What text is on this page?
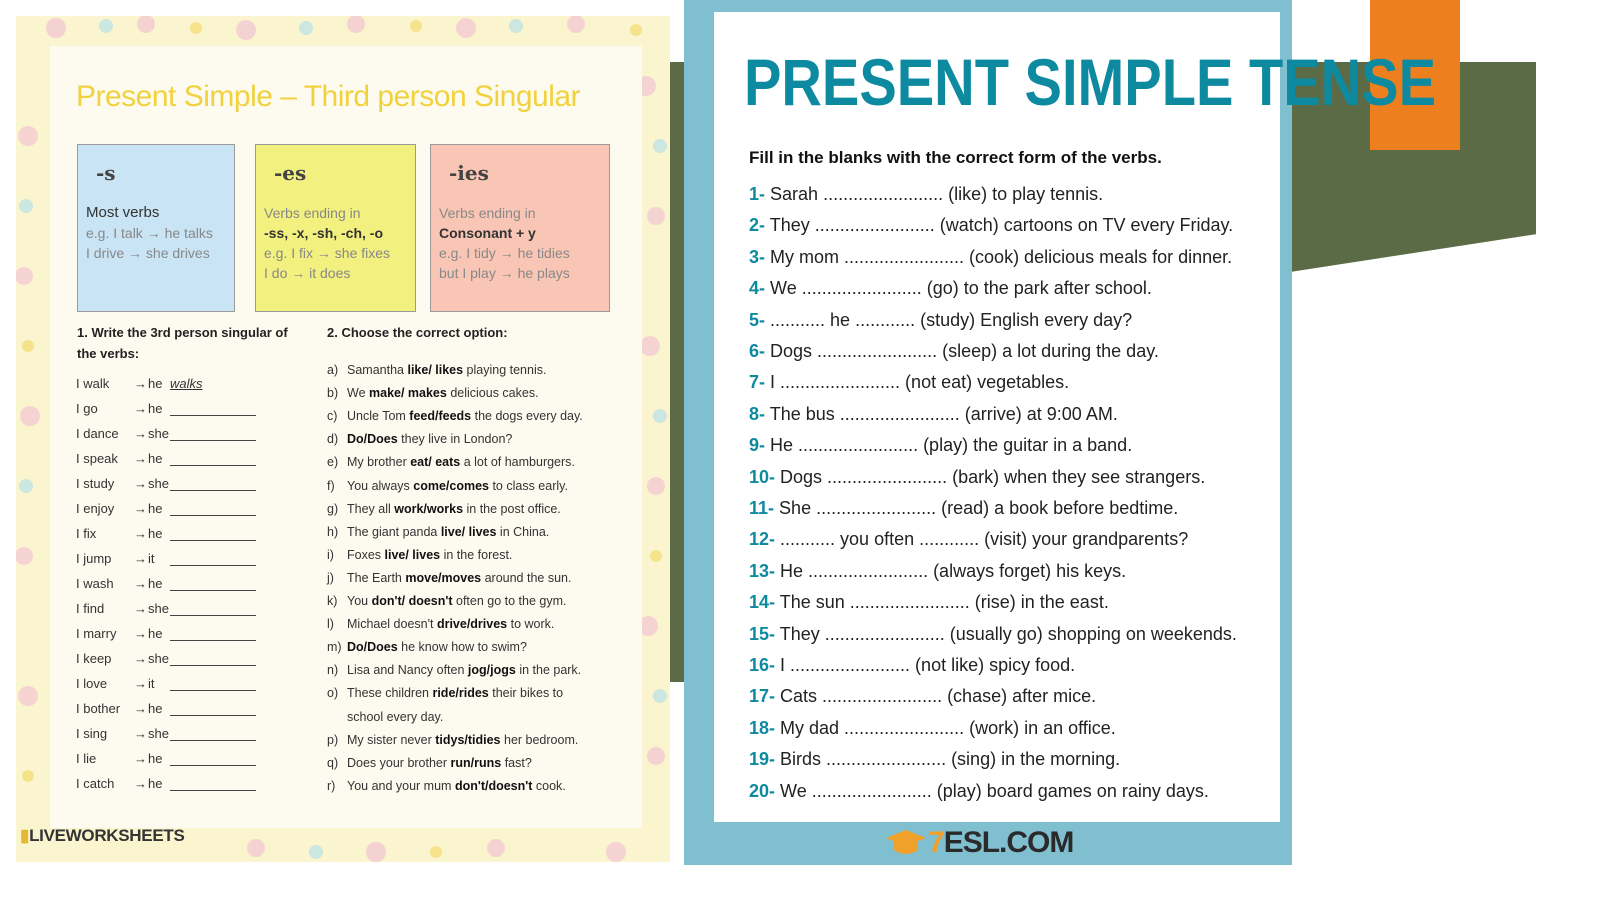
Present Simple – Third person Singular
-s
Most verbs
e.g. I talk → he talks
I drive → she drives
-es
Verbs ending in
-ss, -x, -sh, -ch, -o
e.g. I fix → she fixes
I do → it does
-ies
Verbs ending in
Consonant + y
e.g. I tidy → he tidies
but I play → he plays
1. Write the 3rd person singular of
the verbs:
2. Choose the correct option:
I walk	→ he walks
I go	→ he
I dance	→ she
I speak	→ he
I study	→ she
I enjoy	→ he
I fix	→ he
I jump	→ it
I wash	→ he
I find	→ she
I marry	→ he
I keep	→ she
I love	→ it
I bother	→ he
I sing	→ she
I lie	→ he
I catch	→ he
a) Samantha like/ likes playing tennis.
b) We make/ makes delicious cakes.
c) Uncle Tom feed/feeds the dogs every day.
d) Do/Does they live in London?
e) My brother eat/ eats a lot of hamburgers.
f) You always come/comes to class early.
g) They all work/works in the post office.
h) The giant panda live/ lives in China.
i) Foxes live/ lives in the forest.
j) The Earth move/moves around the sun.
k) You don't/ doesn't often go to the gym.
l) Michael doesn't drive/drives to work.
m) Do/Does he know how to swim?
n) Lisa and Nancy often jog/jogs in the park.
o) These children ride/rides their bikes to
school every day.
p) My sister never tidys/tidies her bedroom.
q) Does your brother run/runs fast?
r) You and your mum don't/doesn't cook.
▮LIVEWORKSHEETS
PRESENT SIMPLE TENSE
Fill in the blanks with the correct form of the verbs.
1- Sarah ........................ (like) to play tennis.
2- They ........................ (watch) cartoons on TV every Friday.
3- My mom ........................ (cook) delicious meals for dinner.
4- We ........................ (go) to the park after school.
5- ........... he ............ (study) English every day?
6- Dogs ........................ (sleep) a lot during the day.
7- I ........................ (not eat) vegetables.
8- The bus ........................ (arrive) at 9:00 AM.
9- He ........................ (play) the guitar in a band.
10- Dogs ........................ (bark) when they see strangers.
11- She ........................ (read) a book before bedtime.
12- ........... you often ............ (visit) your grandparents?
13- He ........................ (always forget) his keys.
14- The sun ........................ (rise) in the east.
15- They ........................ (usually go) shopping on weekends.
16- I ........................ (not like) spicy food.
17- Cats ........................ (chase) after mice.
18- My dad ........................ (work) in an office.
19- Birds ........................ (sing) in the morning.
20- We ........................ (play) board games on rainy days.
7 ESL.COM
